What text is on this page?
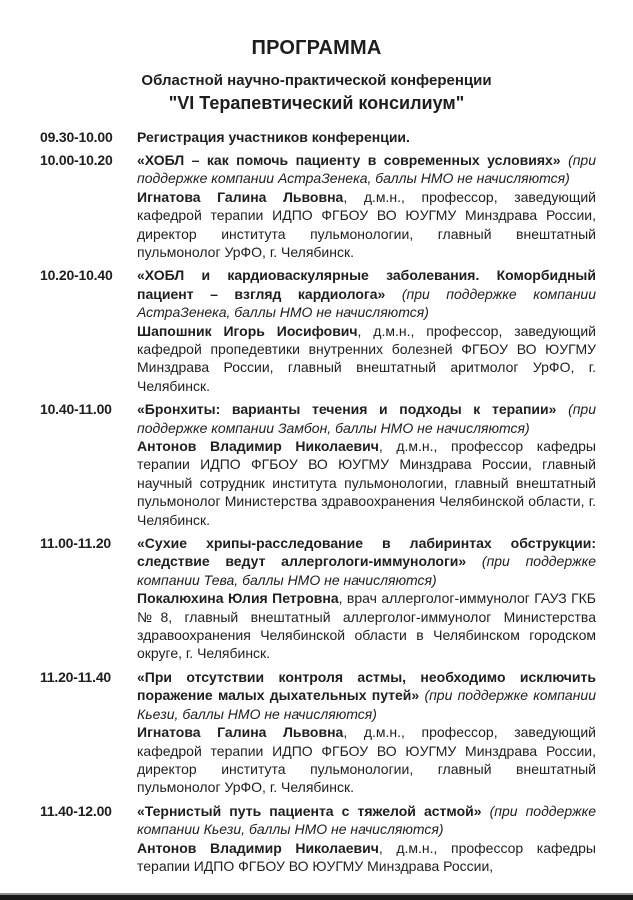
ПРОГРАММА
Областной научно-практической конференции
"VI Терапевтический консилиум"
09.30-10.00	Регистрация участников конференции.

10.00-10.20	«ХОБЛ – как помочь пациенту в современных условиях» (при поддержке компании АстраЗенека, баллы НМО не начисляются)

Игнатова Галина Львовна, д.м.н., профессор, заведующий кафедрой терапии ИДПО ФГБОУ ВО ЮУГМУ Минздрава России, директор института пульмонологии, главный внештатный пульмонолог УрФО, г. Челябинск.

10.20-10.40	«ХОБЛ и кардиоваскулярные заболевания. Коморбидный пациент – взгляд кардиолога» (при поддержке компании АстраЗенека, баллы НМО не начисляются)

Шапошник Игорь Иосифович, д.м.н., профессор, заведующий кафедрой пропедевтики внутренних болезней ФГБОУ ВО ЮУГМУ Минздрава России, главный внештатный аритмолог УрФО, г. Челябинск.

10.40-11.00	«Бронхиты: варианты течения и подходы к терапии» (при поддержке компании Замбон, баллы НМО не начисляются)

Антонов Владимир Николаевич, д.м.н., профессор кафедры терапии ИДПО ФГБОУ ВО ЮУГМУ Минздрава России, главный научный сотрудник института пульмонологии, главный внештатный пульмонолог Министерства здравоохранения Челябинской области, г. Челябинск.

11.00-11.20	«Сухие хрипы-расследование в лабиринтах обструкции: следствие ведут аллергологи-иммунологи» (при поддержке компании Тева, баллы НМО не начисляются)

Покалюхина Юлия Петровна, врач аллерголог-иммунолог ГАУЗ ГКБ №8, главный внештатный аллерголог-иммунолог Министерства здравоохранения Челябинской области в Челябинском городском округе, г. Челябинск.

11.20-11.40	«При отсутствии контроля астмы, необходимо исключить поражение малых дыхательных путей» (при поддержке компании Кьези, баллы НМО не начисляются)

Игнатова Галина Львовна, д.м.н., профессор, заведующий кафедрой терапии ИДПО ФГБОУ ВО ЮУГМУ Минздрава России, директор института пульмонологии, главный внештатный пульмонолог УрФО, г. Челябинск.

11.40-12.00	«Тернистый путь пациента с тяжелой астмой» (при поддержке компании Кьези, баллы НМО не начисляются)

Антонов Владимир Николаевич, д.м.н., профессор кафедры терапии ИДПО ФГБОУ ВО ЮУГМУ Минздрава России,
